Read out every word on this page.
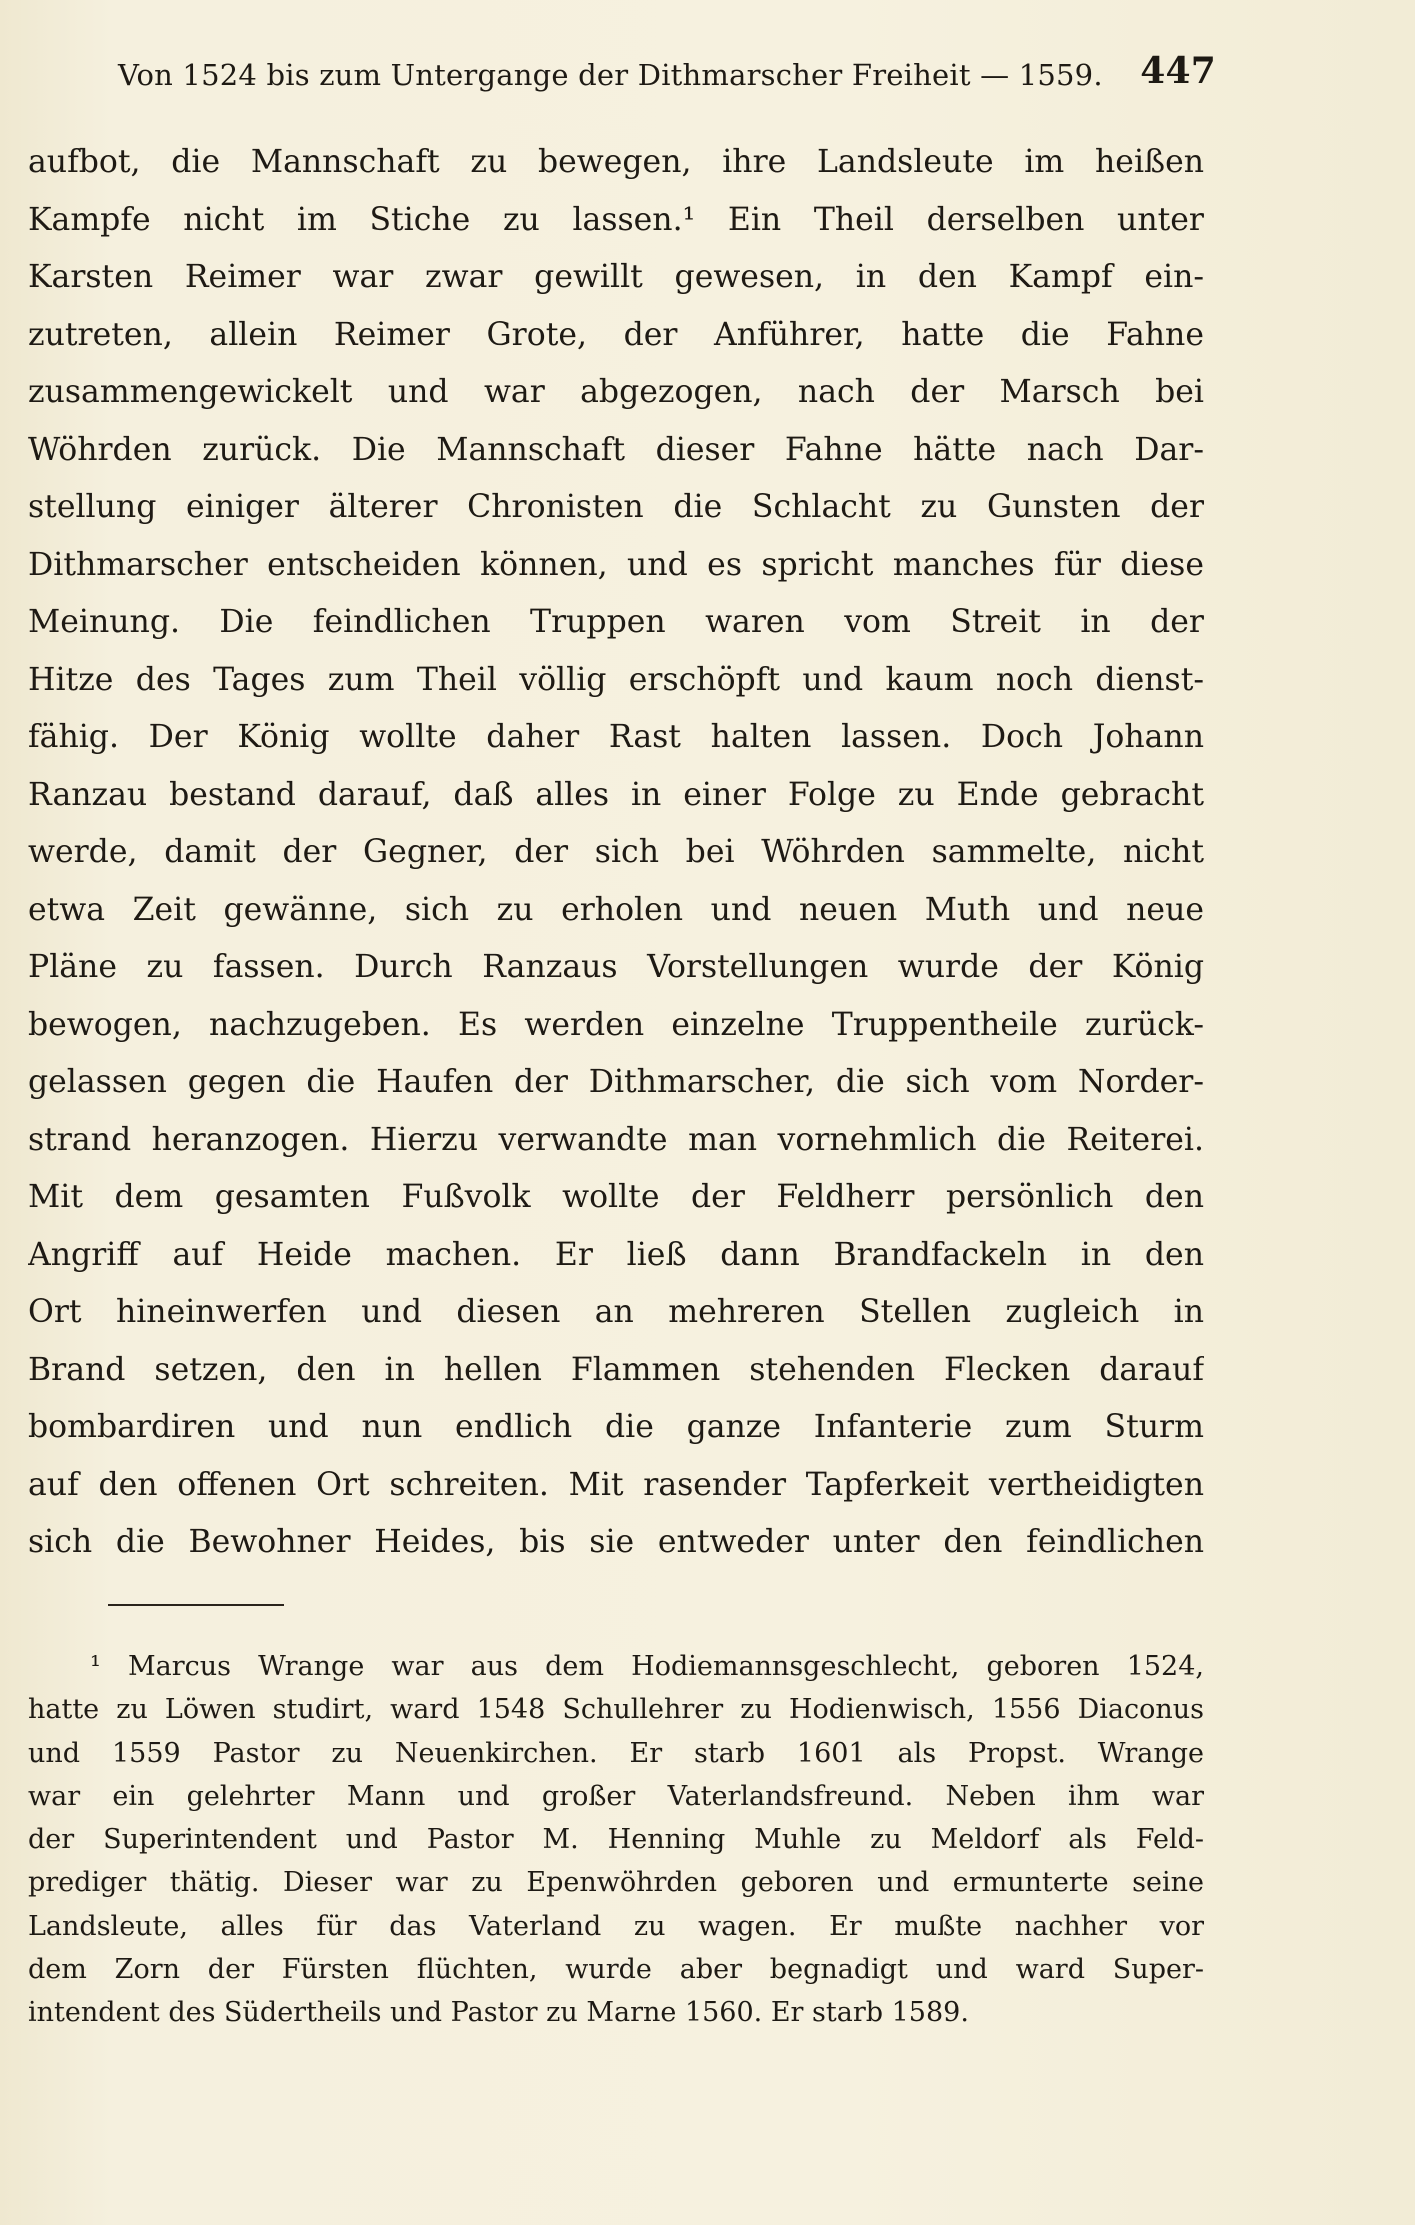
Von 1524 bis zum Untergange der Dithmarscher Freiheit — 1559. 447
aufbot, die Mannschaft zu bewegen, ihre Landsleute im heißen
Kampfe nicht im Stiche zu lassen.¹ Ein Theil derselben unter
Karsten Reimer war zwar gewillt gewesen, in den Kampf ein-
zutreten, allein Reimer Grote, der Anführer, hatte die Fahne
zusammengewickelt und war abgezogen, nach der Marsch bei
Wöhrden zurück. Die Mannschaft dieser Fahne hätte nach Dar-
stellung einiger älterer Chronisten die Schlacht zu Gunsten der
Dithmarscher entscheiden können, und es spricht manches für diese
Meinung. Die feindlichen Truppen waren vom Streit in der
Hitze des Tages zum Theil völlig erschöpft und kaum noch dienst-
fähig. Der König wollte daher Rast halten lassen. Doch Johann
Ranzau bestand darauf, daß alles in einer Folge zu Ende gebracht
werde, damit der Gegner, der sich bei Wöhrden sammelte, nicht
etwa Zeit gewänne, sich zu erholen und neuen Muth und neue
Pläne zu fassen. Durch Ranzaus Vorstellungen wurde der König
bewogen, nachzugeben. Es werden einzelne Truppentheile zurück-
gelassen gegen die Haufen der Dithmarscher, die sich vom Norder-
strand heranzogen. Hierzu verwandte man vornehmlich die Reiterei.
Mit dem gesamten Fußvolk wollte der Feldherr persönlich den
Angriff auf Heide machen. Er ließ dann Brandfackeln in den
Ort hineinwerfen und diesen an mehreren Stellen zugleich in
Brand setzen, den in hellen Flammen stehenden Flecken darauf
bombardiren und nun endlich die ganze Infanterie zum Sturm
auf den offenen Ort schreiten. Mit rasender Tapferkeit vertheidigten
sich die Bewohner Heides, bis sie entweder unter den feindlichen
¹ Marcus Wrange war aus dem Hodiemannsgeschlecht, geboren 1524,
hatte zu Löwen studirt, ward 1548 Schullehrer zu Hodienwisch, 1556 Diaconus
und 1559 Pastor zu Neuenkirchen. Er starb 1601 als Propst. Wrange
war ein gelehrter Mann und großer Vaterlandsfreund. Neben ihm war
der Superintendent und Pastor M. Henning Muhle zu Meldorf als Feld-
prediger thätig. Dieser war zu Epenwöhrden geboren und ermunterte seine
Landsleute, alles für das Vaterland zu wagen. Er mußte nachher vor
dem Zorn der Fürsten flüchten, wurde aber begnadigt und ward Super-
intendent des Südertheils und Pastor zu Marne 1560. Er starb 1589.
